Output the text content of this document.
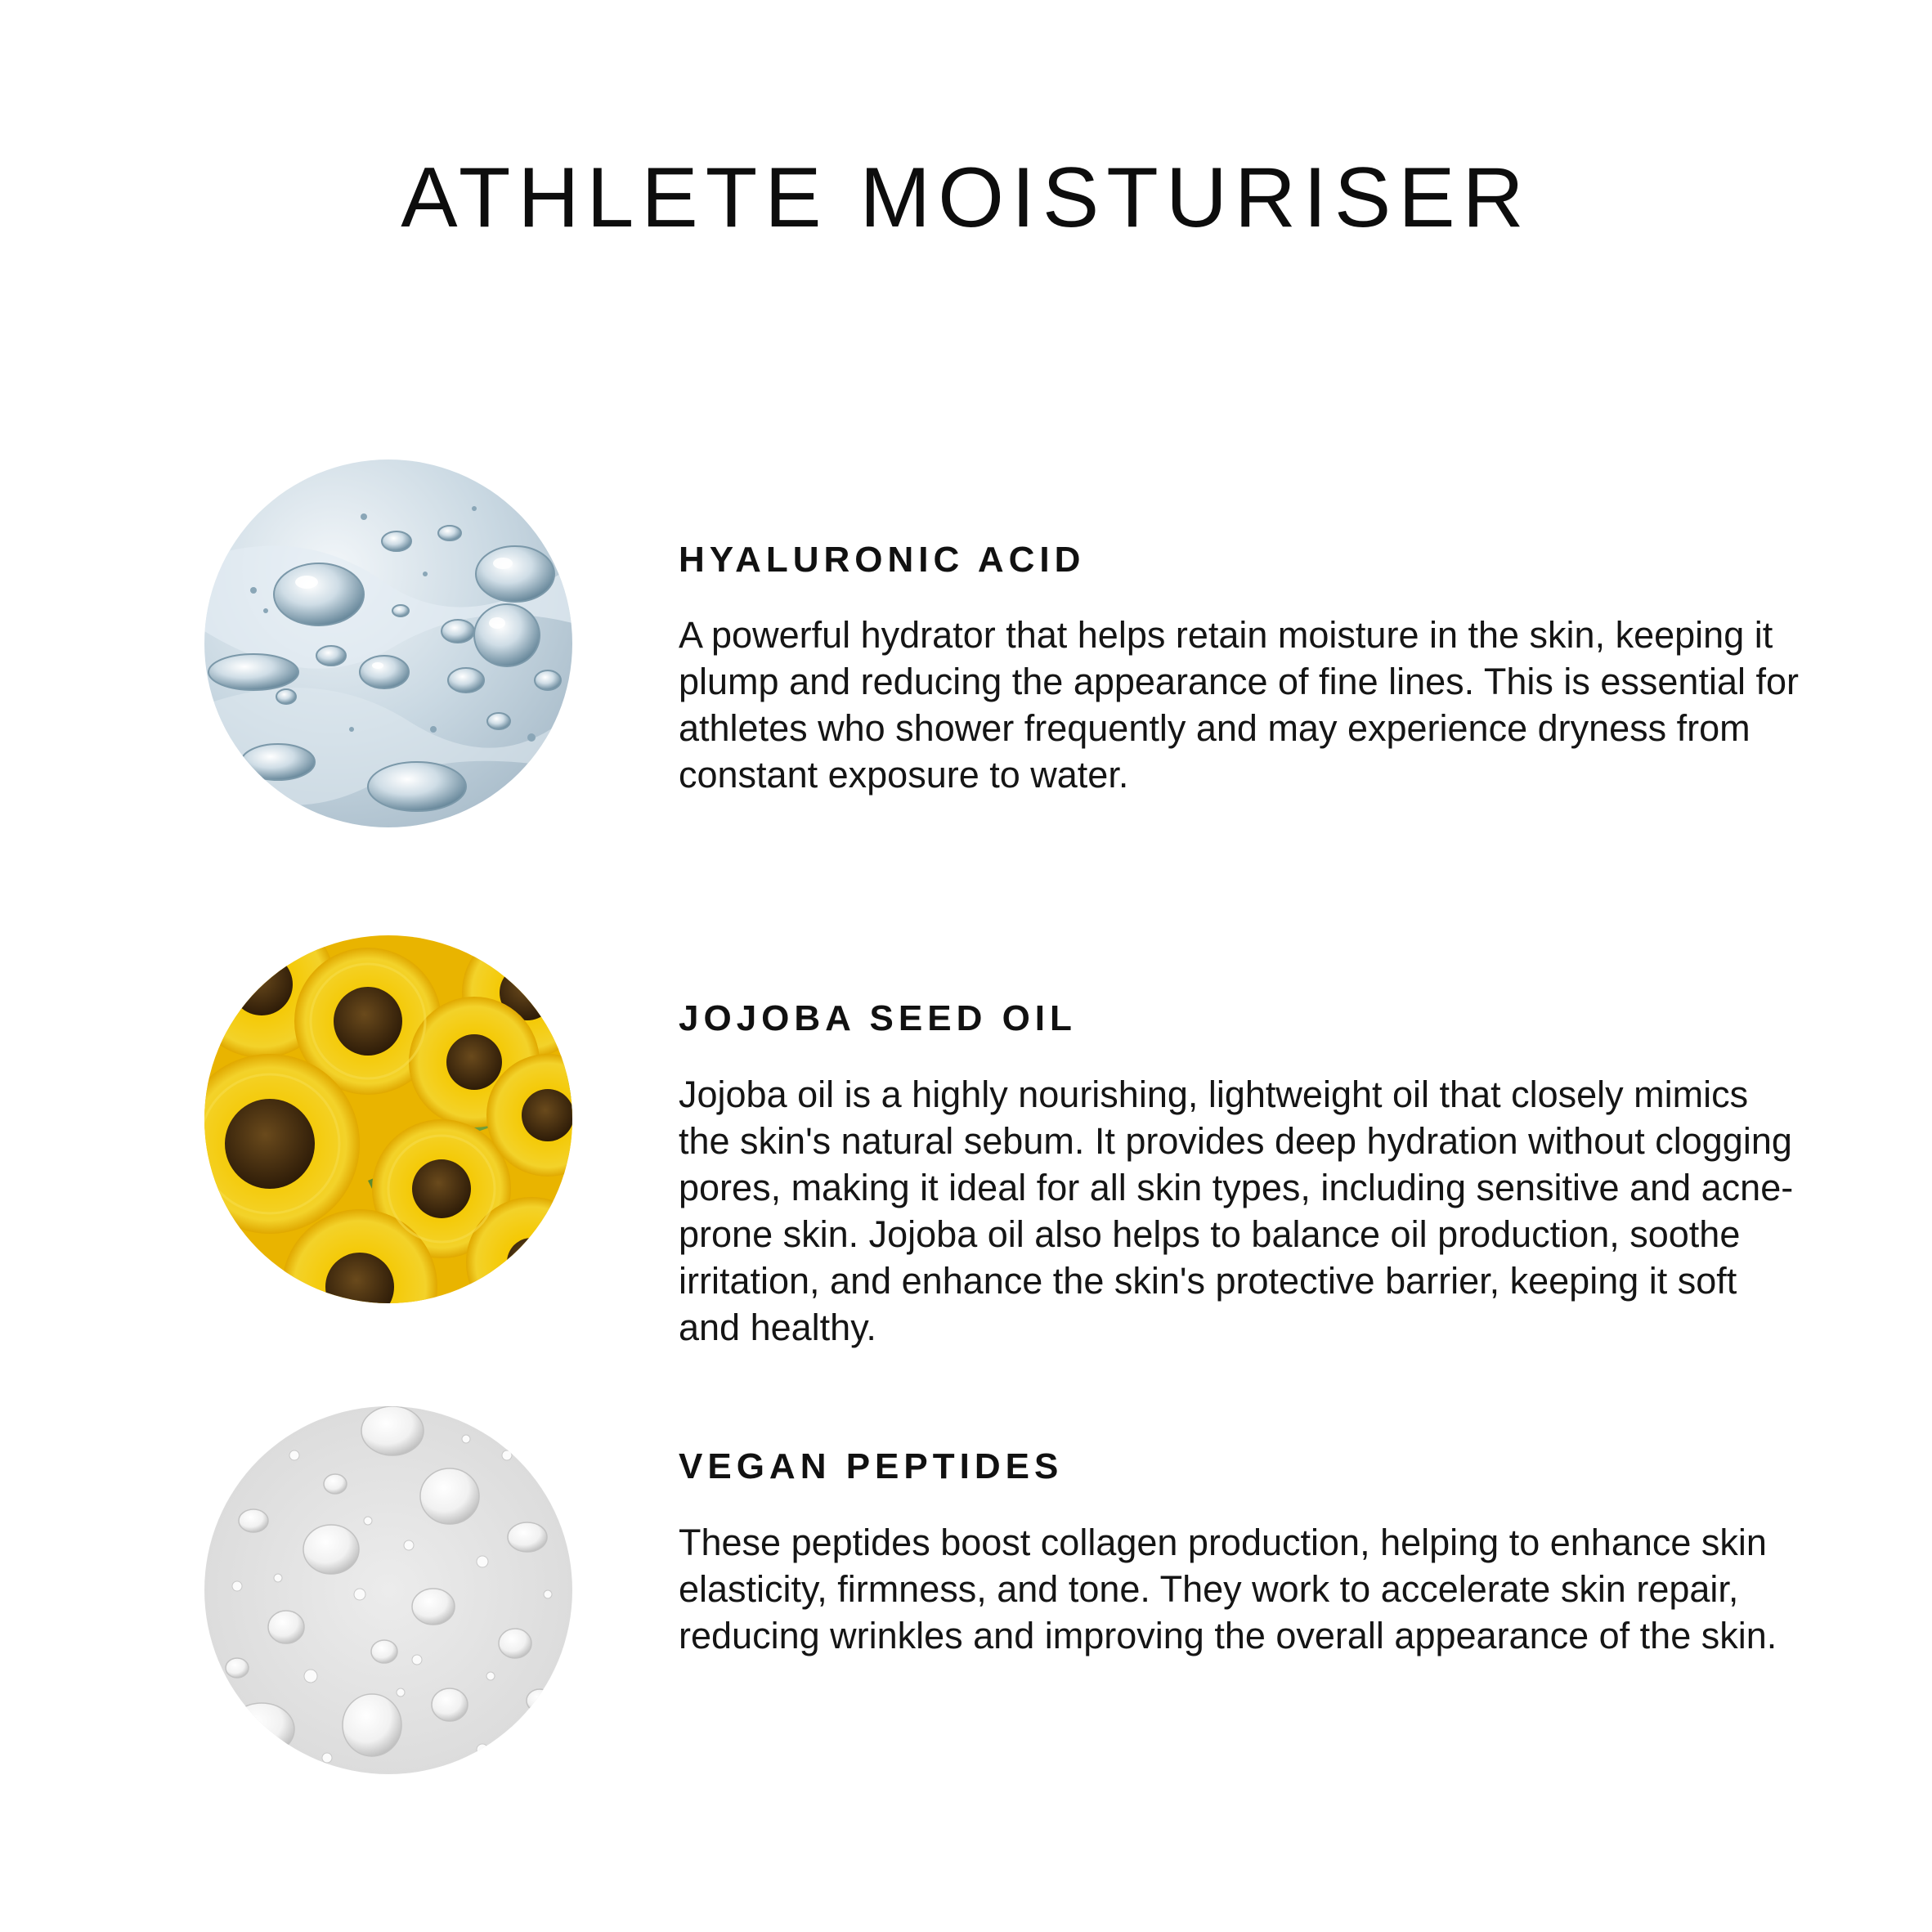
ATHLETE MOISTURISER
HYALURONIC ACID

A powerful hydrator that helps retain moisture in the skin, keeping it plump and reducing the appearance of fine lines. This is essential for athletes who shower frequently and may experience dryness from constant exposure to water.

JOJOBA SEED OIL

Jojoba oil is a highly nourishing, lightweight oil that closely mimics the skin's natural sebum. It provides deep hydration without clogging pores, making it ideal for all skin types, including sensitive and acne-prone skin. Jojoba oil also helps to balance oil production, soothe irritation, and enhance the skin's protective barrier, keeping it soft and healthy.

VEGAN PEPTIDES

These peptides boost collagen production, helping to enhance skin elasticity, firmness, and tone. They work to accelerate skin repair, reducing wrinkles and improving the overall appearance of the skin.
